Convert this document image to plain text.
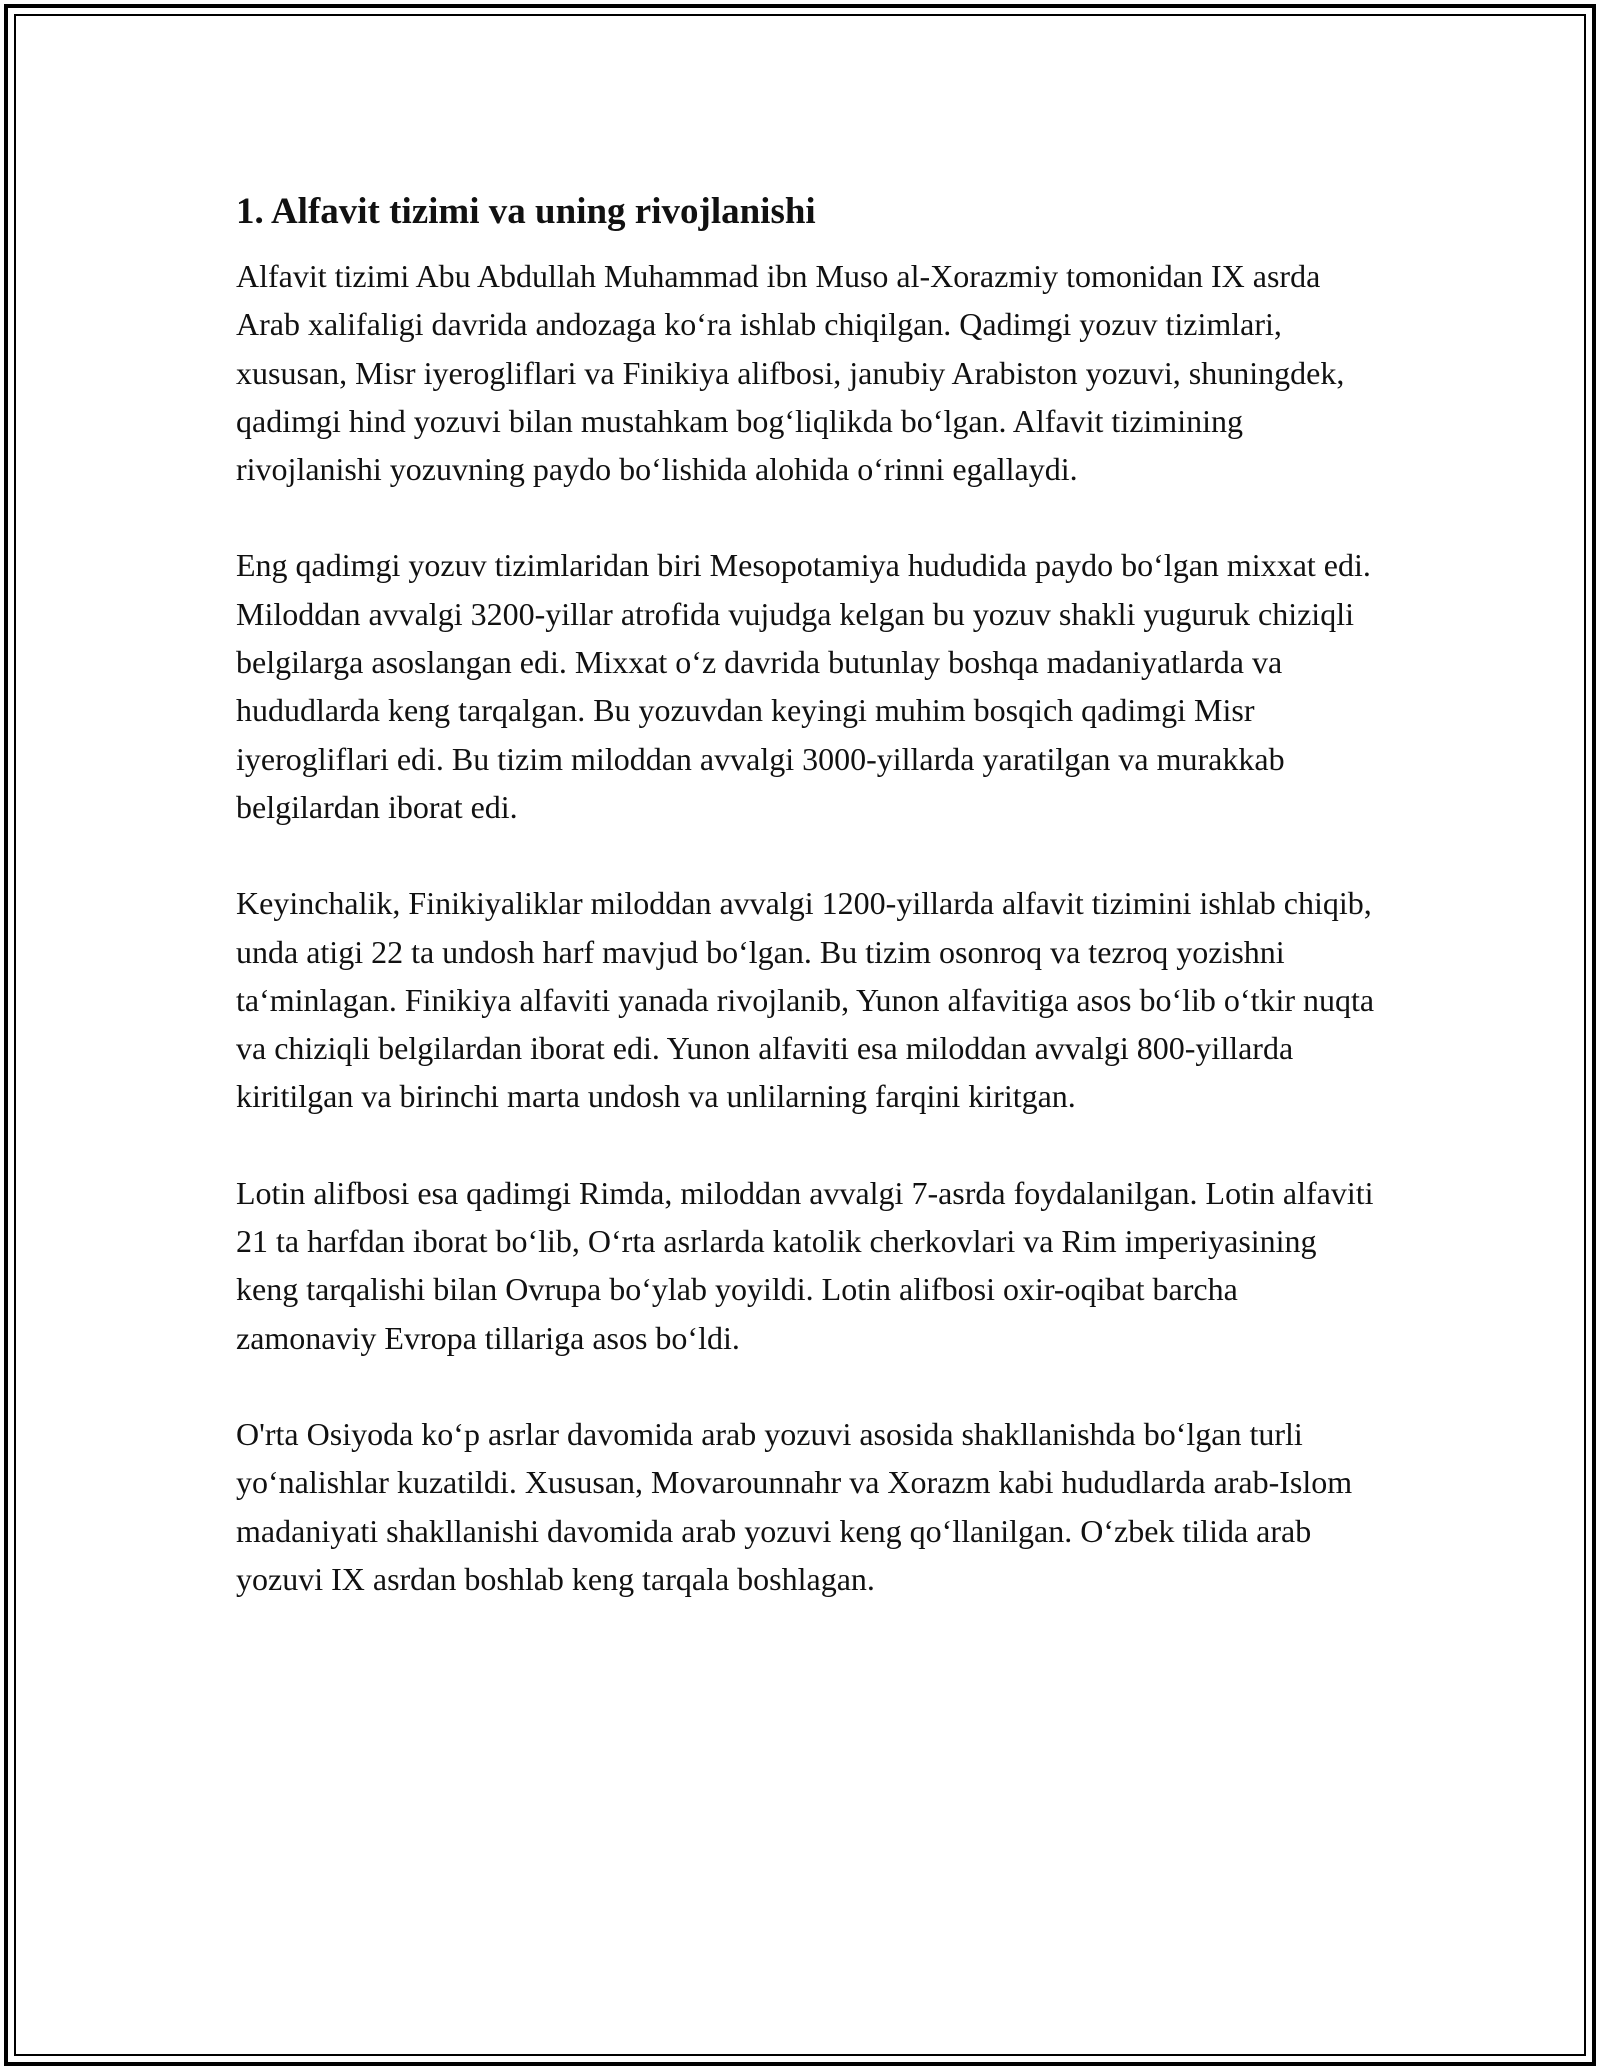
1. Alfavit tizimi va uning rivojlanishi

Alfavit tizimi Abu Abdullah Muhammad ibn Muso al-Xorazmiy tomonidan IX asrda Arab xalifaligi davrida andozaga ko‘ra ishlab chiqilgan. Qadimgi yozuv tizimlari, xususan, Misr iyerogliflari va Finikiya alifbosi, janubiy Arabiston yozuvi, shuningdek, qadimgi hind yozuvi bilan mustahkam bog‘liqlikda bo‘lgan. Alfavit tizimining rivojlanishi yozuvning paydo bo‘lishida alohida o‘rinni egallaydi.

Eng qadimgi yozuv tizimlaridan biri Mesopotamiya hududida paydo bo‘lgan mixxat edi. Miloddan avvalgi 3200-yillar atrofida vujudga kelgan bu yozuv shakli yuguruk chiziqli belgilarga asoslangan edi. Mixxat o‘z davrida butunlay boshqa madaniyatlarda va hududlarda keng tarqalgan. Bu yozuvdan keyingi muhim bosqich qadimgi Misr iyerogliflari edi. Bu tizim miloddan avvalgi 3000-yillarda yaratilgan va murakkab belgilardan iborat edi.

Keyinchalik, Finikiyaliklar miloddan avvalgi 1200-yillarda alfavit tizimini ishlab chiqib, unda atigi 22 ta undosh harf mavjud bo‘lgan. Bu tizim osonroq va tezroq yozishni ta‘minlagan. Finikiya alfaviti yanada rivojlanib, Yunon alfavitiga asos bo‘lib o‘tkir nuqta va chiziqli belgilardan iborat edi. Yunon alfaviti esa miloddan avvalgi 800-yillarda kiritilgan va birinchi marta undosh va unlilarning farqini kiritgan.

Lotin alifbosi esa qadimgi Rimda, miloddan avvalgi 7-asrda foydalanilgan. Lotin alfaviti 21 ta harfdan iborat bo‘lib, O‘rta asrlarda katolik cherkovlari va Rim imperiyasining keng tarqalishi bilan Ovrupa bo‘ylab yoyildi. Lotin alifbosi oxir-oqibat barcha zamonaviy Evropa tillariga asos bo‘ldi.

O'rta Osiyoda ko‘p asrlar davomida arab yozuvi asosida shakllanishda bo‘lgan turli yo‘nalishlar kuzatildi. Xususan, Movarounnahr va Xorazm kabi hududlarda arab-Islom madaniyati shakllanishi davomida arab yozuvi keng qo‘llanilgan. O‘zbek tilida arab yozuvi IX asrdan boshlab keng tarqala boshlagan.
